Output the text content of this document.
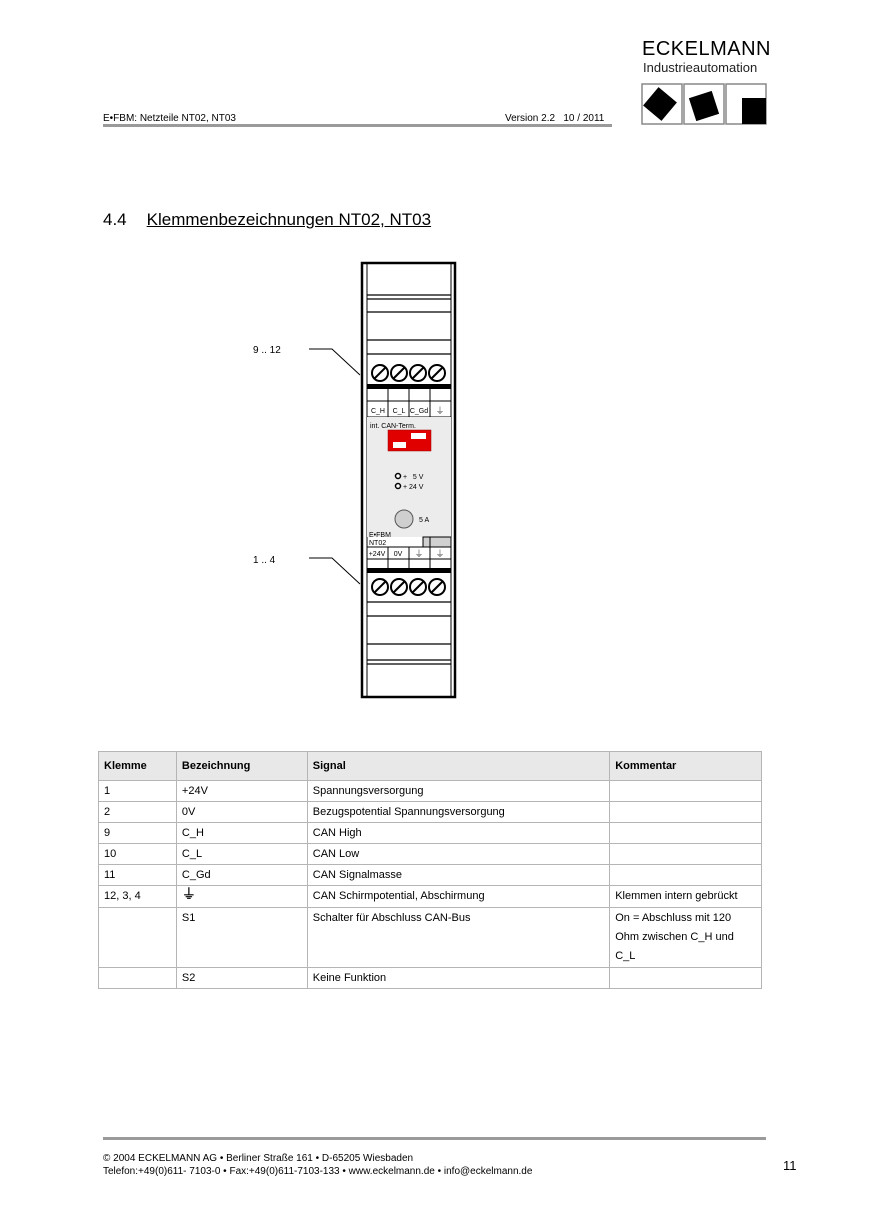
E•FBM: Netzteile NT02, NT03	Version 2.2   10 / 2011
ECKELMANN
Industrieautomation
4.4 Klemmenbezeichnungen NT02, NT03
9 .. 12
1 .. 4
C_H C_L C_Gd ⏚
int. CAN-Term.
+   5 V
+ 24 V
5 A
E•FBM
NT02
+24V 0V ⏚ ⏚
Klemme	Bezeichnung	Signal	Kommentar
1	+24V	Spannungsversorgung	
2	0V	Bezugspotential Spannungsversorgung	
9	C_H	CAN High	
10	C_L	CAN Low	
11	C_Gd	CAN Signalmasse	
12, 3, 4	⏚	CAN Schirmpotential, Abschirmung	Klemmen intern gebrückt
	S1	Schalter für Abschluss CAN-Bus	On = Abschluss mit 120 Ohm zwischen C_H und C_L
	S2	Keine Funktion	
© 2004 ECKELMANN AG • Berliner Straße 161 • D-65205 Wiesbaden
Telefon:+49(0)611- 7103-0 • Fax:+49(0)611-7103-133 • www.eckelmann.de • info@eckelmann.de	11
